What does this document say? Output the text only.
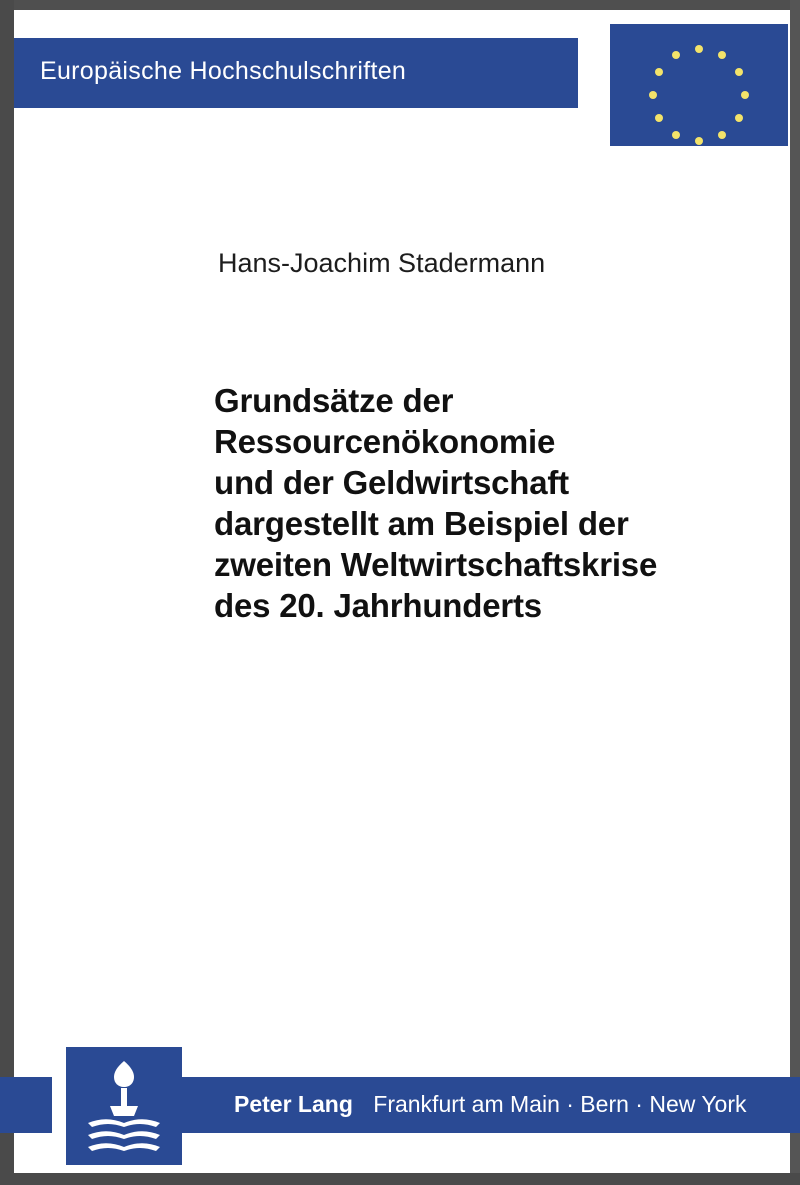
Europäische Hochschulschriften
Hans-Joachim Stadermann
Grundsätze der
Ressourcenökonomie
und der Geldwirtschaft
dargestellt am Beispiel der
zweiten Weltwirtschaftskrise
des 20. Jahrhunderts
Peter Lang Frankfurt am Main · Bern · New York
